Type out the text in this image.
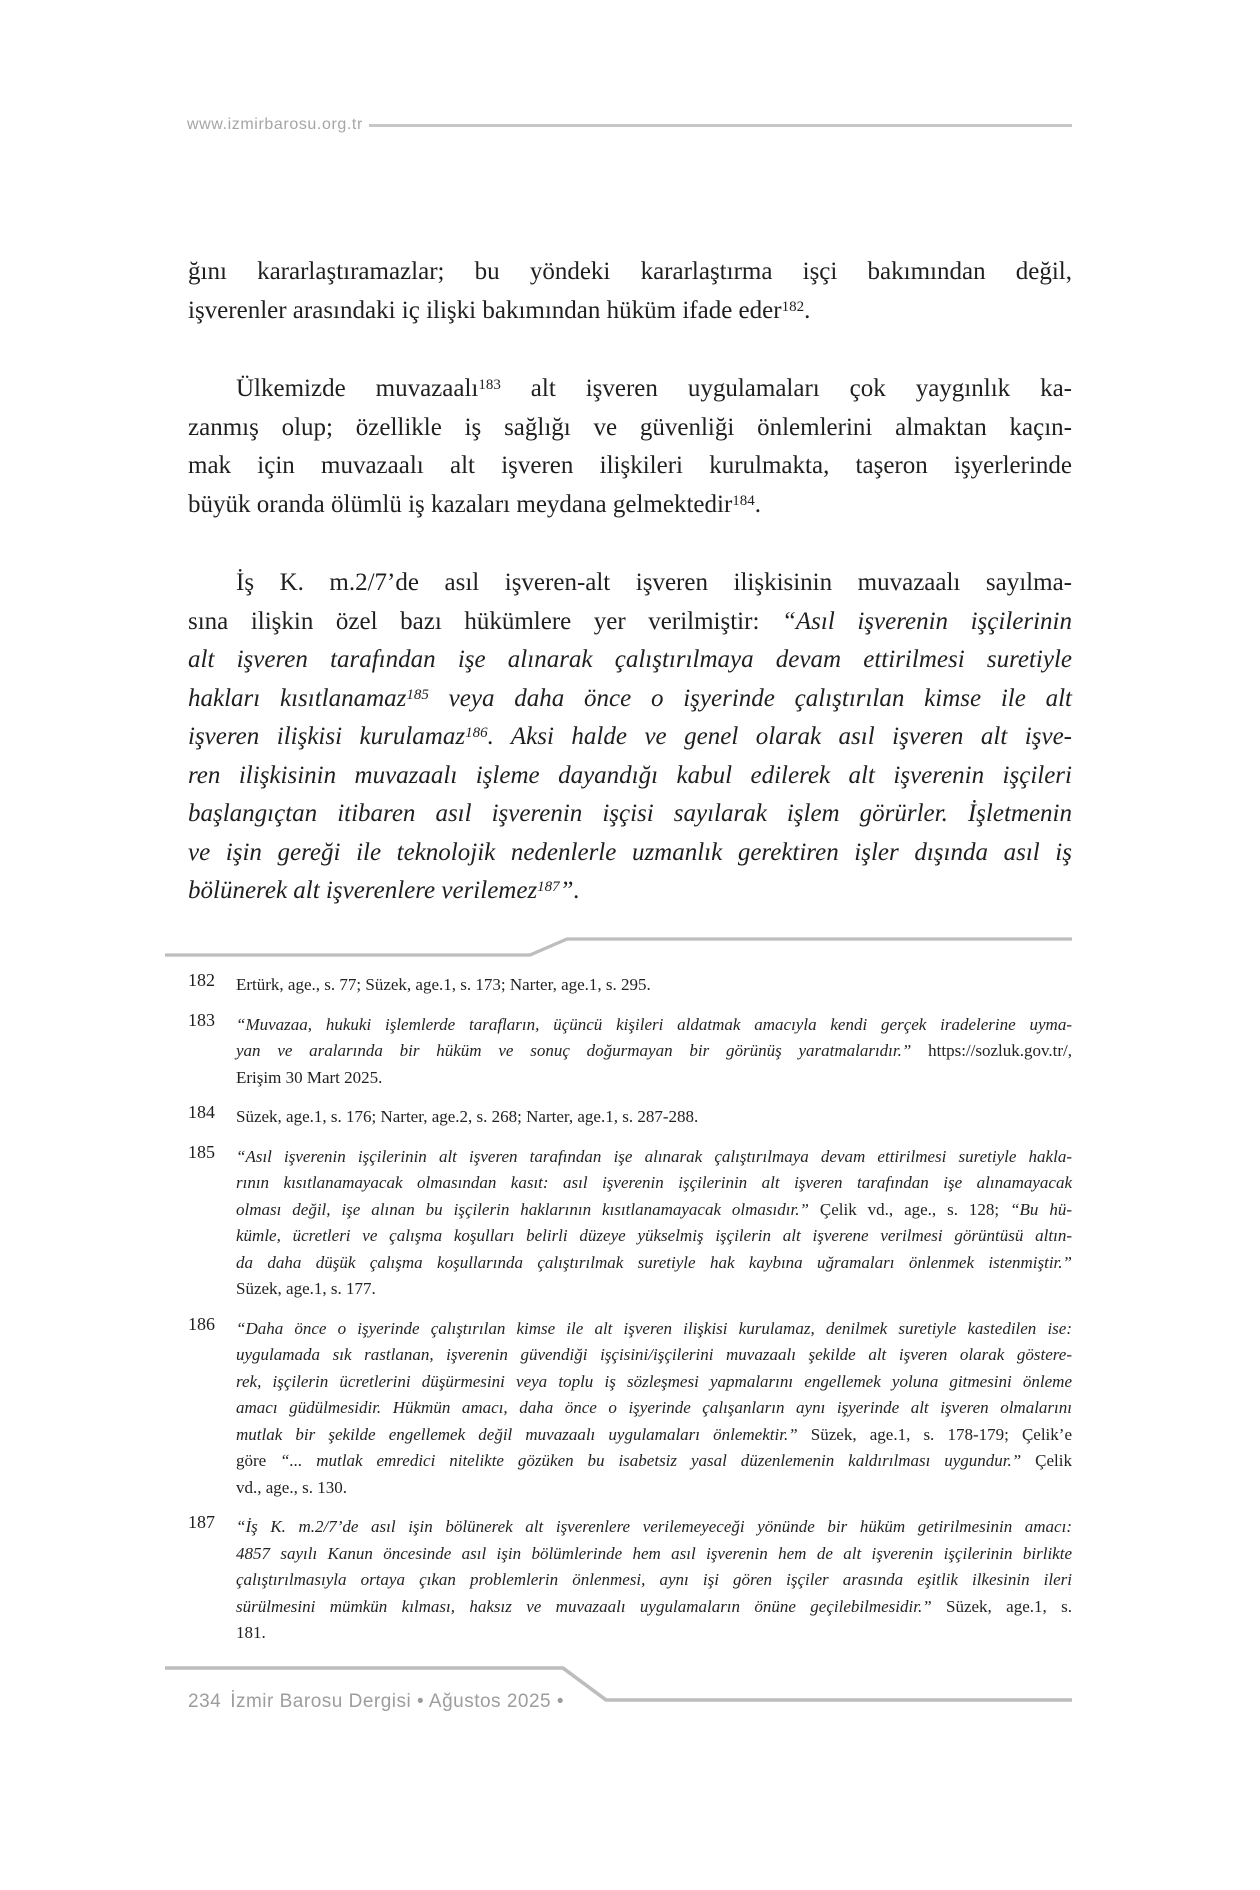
www.izmirbarosu.org.tr
ğını kararlaştıramazlar; bu yöndeki kararlaştırma işçi bakımından değil,
işverenler arasındaki iç ilişki bakımından hüküm ifade eder$^{182}$.
Ülkemizde muvazaalı$^{183}$ alt işveren uygulamaları çok yaygınlık ka-
zanmış olup; özellikle iş sağlığı ve güvenliği önlemlerini almaktan kaçın-
mak için muvazaalı alt işveren ilişkileri kurulmakta, taşeron işyerlerinde
büyük oranda ölümlü iş kazaları meydana gelmektedir$^{184}$.
İş K. m.2/7’de asıl işveren-alt işveren ilişkisinin muvazaalı sayılma-
sına ilişkin özel bazı hükümlere yer verilmiştir: “Asıl işverenin işçilerinin
alt işveren tarafından işe alınarak çalıştırılmaya devam ettirilmesi suretiyle
hakları kısıtlanamaz$^{185}$ veya daha önce o işyerinde çalıştırılan kimse ile alt
işveren ilişkisi kurulamaz$^{186}$. Aksi halde ve genel olarak asıl işveren alt işve-
ren ilişkisinin muvazaalı işleme dayandığı kabul edilerek alt işverenin işçileri
başlangıçtan itibaren asıl işverenin işçisi sayılarak işlem görürler. İşletmenin
ve işin gereği ile teknolojik nedenlerle uzmanlık gerektiren işler dışında asıl iş
bölünerek alt işverenlere verilemez$^{187}$”.
182 Ertürk, age., s. 77; Süzek, age.1, s. 173; Narter, age.1, s. 295.
183 “Muvazaa, hukuki işlemlerde tarafların, üçüncü kişileri aldatmak amacıyla kendi gerçek iradelerine uyma-
yan ve aralarında bir hüküm ve sonuç doğurmayan bir görünüş yaratmalarıdır.” https://sozluk.gov.tr/,
Erişim 30 Mart 2025.
184 Süzek, age.1, s. 176; Narter, age.2, s. 268; Narter, age.1, s. 287-288.
185 “Asıl işverenin işçilerinin alt işveren tarafından işe alınarak çalıştırılmaya devam ettirilmesi suretiyle hakla-
rının kısıtlanamayacak olmasından kasıt: asıl işverenin işçilerinin alt işveren tarafından işe alınamayacak
olması değil, işe alınan bu işçilerin haklarının kısıtlanamayacak olmasıdır.” Çelik vd., age., s. 128; “Bu hü-
kümle, ücretleri ve çalışma koşulları belirli düzeye yükselmiş işçilerin alt işverene verilmesi görüntüsü altın-
da daha düşük çalışma koşullarında çalıştırılmak suretiyle hak kaybına uğramaları önlenmek istenmiştir.”
Süzek, age.1, s. 177.
186 “Daha önce o işyerinde çalıştırılan kimse ile alt işveren ilişkisi kurulamaz, denilmek suretiyle kastedilen ise:
uygulamada sık rastlanan, işverenin güvendiği işçisini/işçilerini muvazaalı şekilde alt işveren olarak göstere-
rek, işçilerin ücretlerini düşürmesini veya toplu iş sözleşmesi yapmalarını engellemek yoluna gitmesini önleme
amacı güdülmesidir. Hükmün amacı, daha önce o işyerinde çalışanların aynı işyerinde alt işveren olmalarını
mutlak bir şekilde engellemek değil muvazaalı uygulamaları önlemektir.” Süzek, age.1, s. 178-179; Çelik’e
göre “... mutlak emredici nitelikte gözüken bu isabetsiz yasal düzenlemenin kaldırılması uygundur.” Çelik
vd., age., s. 130.
187 “İş K. m.2/7’de asıl işin bölünerek alt işverenlere verilemeyeceği yönünde bir hüküm getirilmesinin amacı:
4857 sayılı Kanun öncesinde asıl işin bölümlerinde hem asıl işverenin hem de alt işverenin işçilerinin birlikte
çalıştırılmasıyla ortaya çıkan problemlerin önlenmesi, aynı işi gören işçiler arasında eşitlik ilkesinin ileri
sürülmesini mümkün kılması, haksız ve muvazaalı uygulamaların önüne geçilebilmesidir.” Süzek, age.1, s.
181.
234 İzmir Barosu Dergisi • Ağustos 2025 •
